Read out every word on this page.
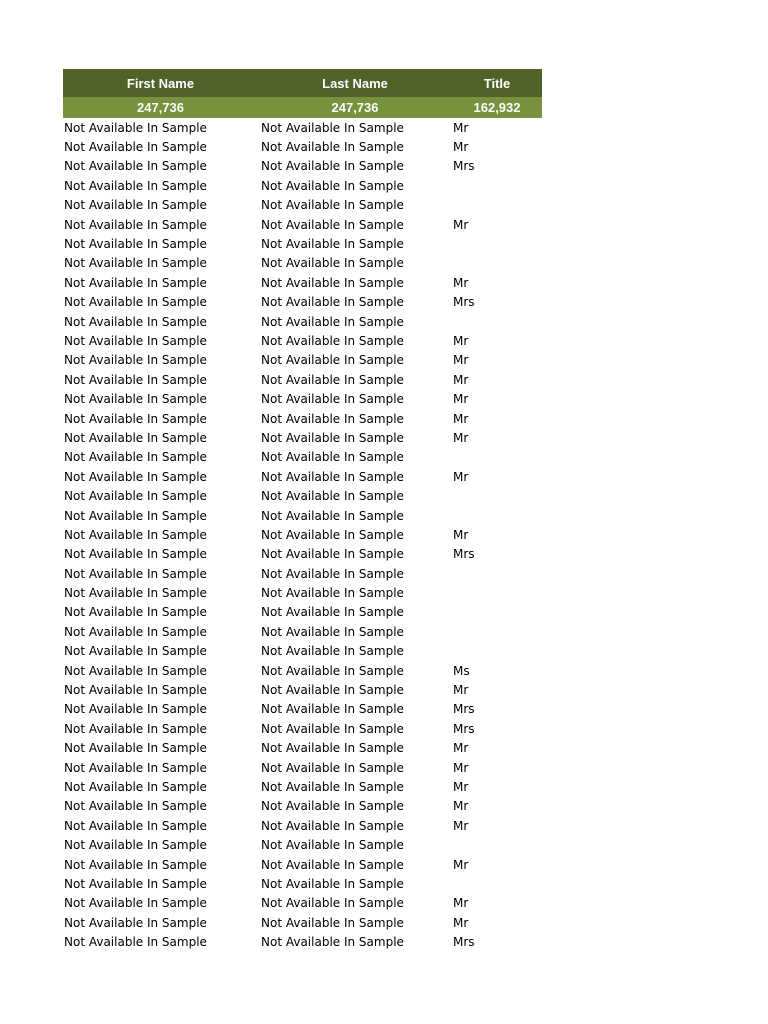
First Name	Last Name	Title
247,736	247,736	162,932
Not Available In Sample	Not Available In Sample	Mr
Not Available In Sample	Not Available In Sample	Mr
Not Available In Sample	Not Available In Sample	Mrs
Not Available In Sample	Not Available In Sample	
Not Available In Sample	Not Available In Sample	
Not Available In Sample	Not Available In Sample	Mr
Not Available In Sample	Not Available In Sample	
Not Available In Sample	Not Available In Sample	
Not Available In Sample	Not Available In Sample	Mr
Not Available In Sample	Not Available In Sample	Mrs
Not Available In Sample	Not Available In Sample	
Not Available In Sample	Not Available In Sample	Mr
Not Available In Sample	Not Available In Sample	Mr
Not Available In Sample	Not Available In Sample	Mr
Not Available In Sample	Not Available In Sample	Mr
Not Available In Sample	Not Available In Sample	Mr
Not Available In Sample	Not Available In Sample	Mr
Not Available In Sample	Not Available In Sample	
Not Available In Sample	Not Available In Sample	Mr
Not Available In Sample	Not Available In Sample	
Not Available In Sample	Not Available In Sample	
Not Available In Sample	Not Available In Sample	Mr
Not Available In Sample	Not Available In Sample	Mrs
Not Available In Sample	Not Available In Sample	
Not Available In Sample	Not Available In Sample	
Not Available In Sample	Not Available In Sample	
Not Available In Sample	Not Available In Sample	
Not Available In Sample	Not Available In Sample	
Not Available In Sample	Not Available In Sample	Ms
Not Available In Sample	Not Available In Sample	Mr
Not Available In Sample	Not Available In Sample	Mrs
Not Available In Sample	Not Available In Sample	Mrs
Not Available In Sample	Not Available In Sample	Mr
Not Available In Sample	Not Available In Sample	Mr
Not Available In Sample	Not Available In Sample	Mr
Not Available In Sample	Not Available In Sample	Mr
Not Available In Sample	Not Available In Sample	Mr
Not Available In Sample	Not Available In Sample	
Not Available In Sample	Not Available In Sample	Mr
Not Available In Sample	Not Available In Sample	
Not Available In Sample	Not Available In Sample	Mr
Not Available In Sample	Not Available In Sample	Mr
Not Available In Sample	Not Available In Sample	Mrs
